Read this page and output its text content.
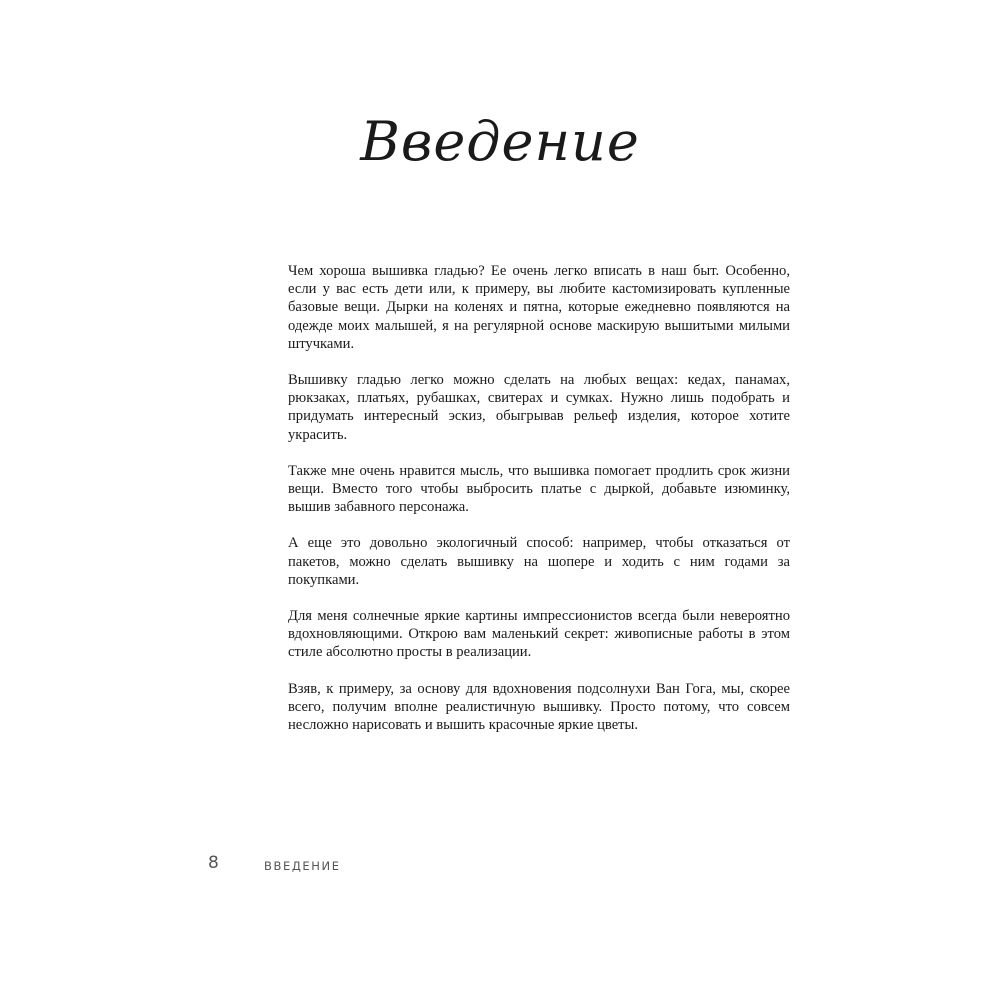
Введение

Чем хороша вышивка гладью? Ее очень легко вписать в наш быт. Особенно, если у вас есть дети или, к примеру, вы любите кастомизировать купленные базовые вещи. Дырки на коленях и пятна, которые ежедневно появляются на одежде моих малышей, я на регулярной основе маскирую вышитыми милыми штучками.

Вышивку гладью легко можно сделать на любых вещах: кедах, панамах, рюкзаках, платьях, рубашках, свитерах и сумках. Нужно лишь подобрать и придумать интересный эскиз, обыгрывав рельеф изделия, которое хотите украсить.

Также мне очень нравится мысль, что вышивка помогает продлить срок жизни вещи. Вместо того чтобы выбросить платье с дыркой, добавьте изюминку, вышив забавного персонажа.

А еще это довольно экологичный способ: например, чтобы отказаться от пакетов, можно сделать вышивку на шопере и ходить с ним годами за покупками.

Для меня солнечные яркие картины импрессионистов всегда были невероятно вдохновляющими. Открою вам маленький секрет: живописные работы в этом стиле абсолютно просты в реализации.

Взяв, к примеру, за основу для вдохновения подсолнухи Ван Гога, мы, скорее всего, получим вполне реалистичную вышивку. Просто потому, что совсем несложно нарисовать и вышить красочные яркие цветы.

8	ВВЕДЕНИЕ
